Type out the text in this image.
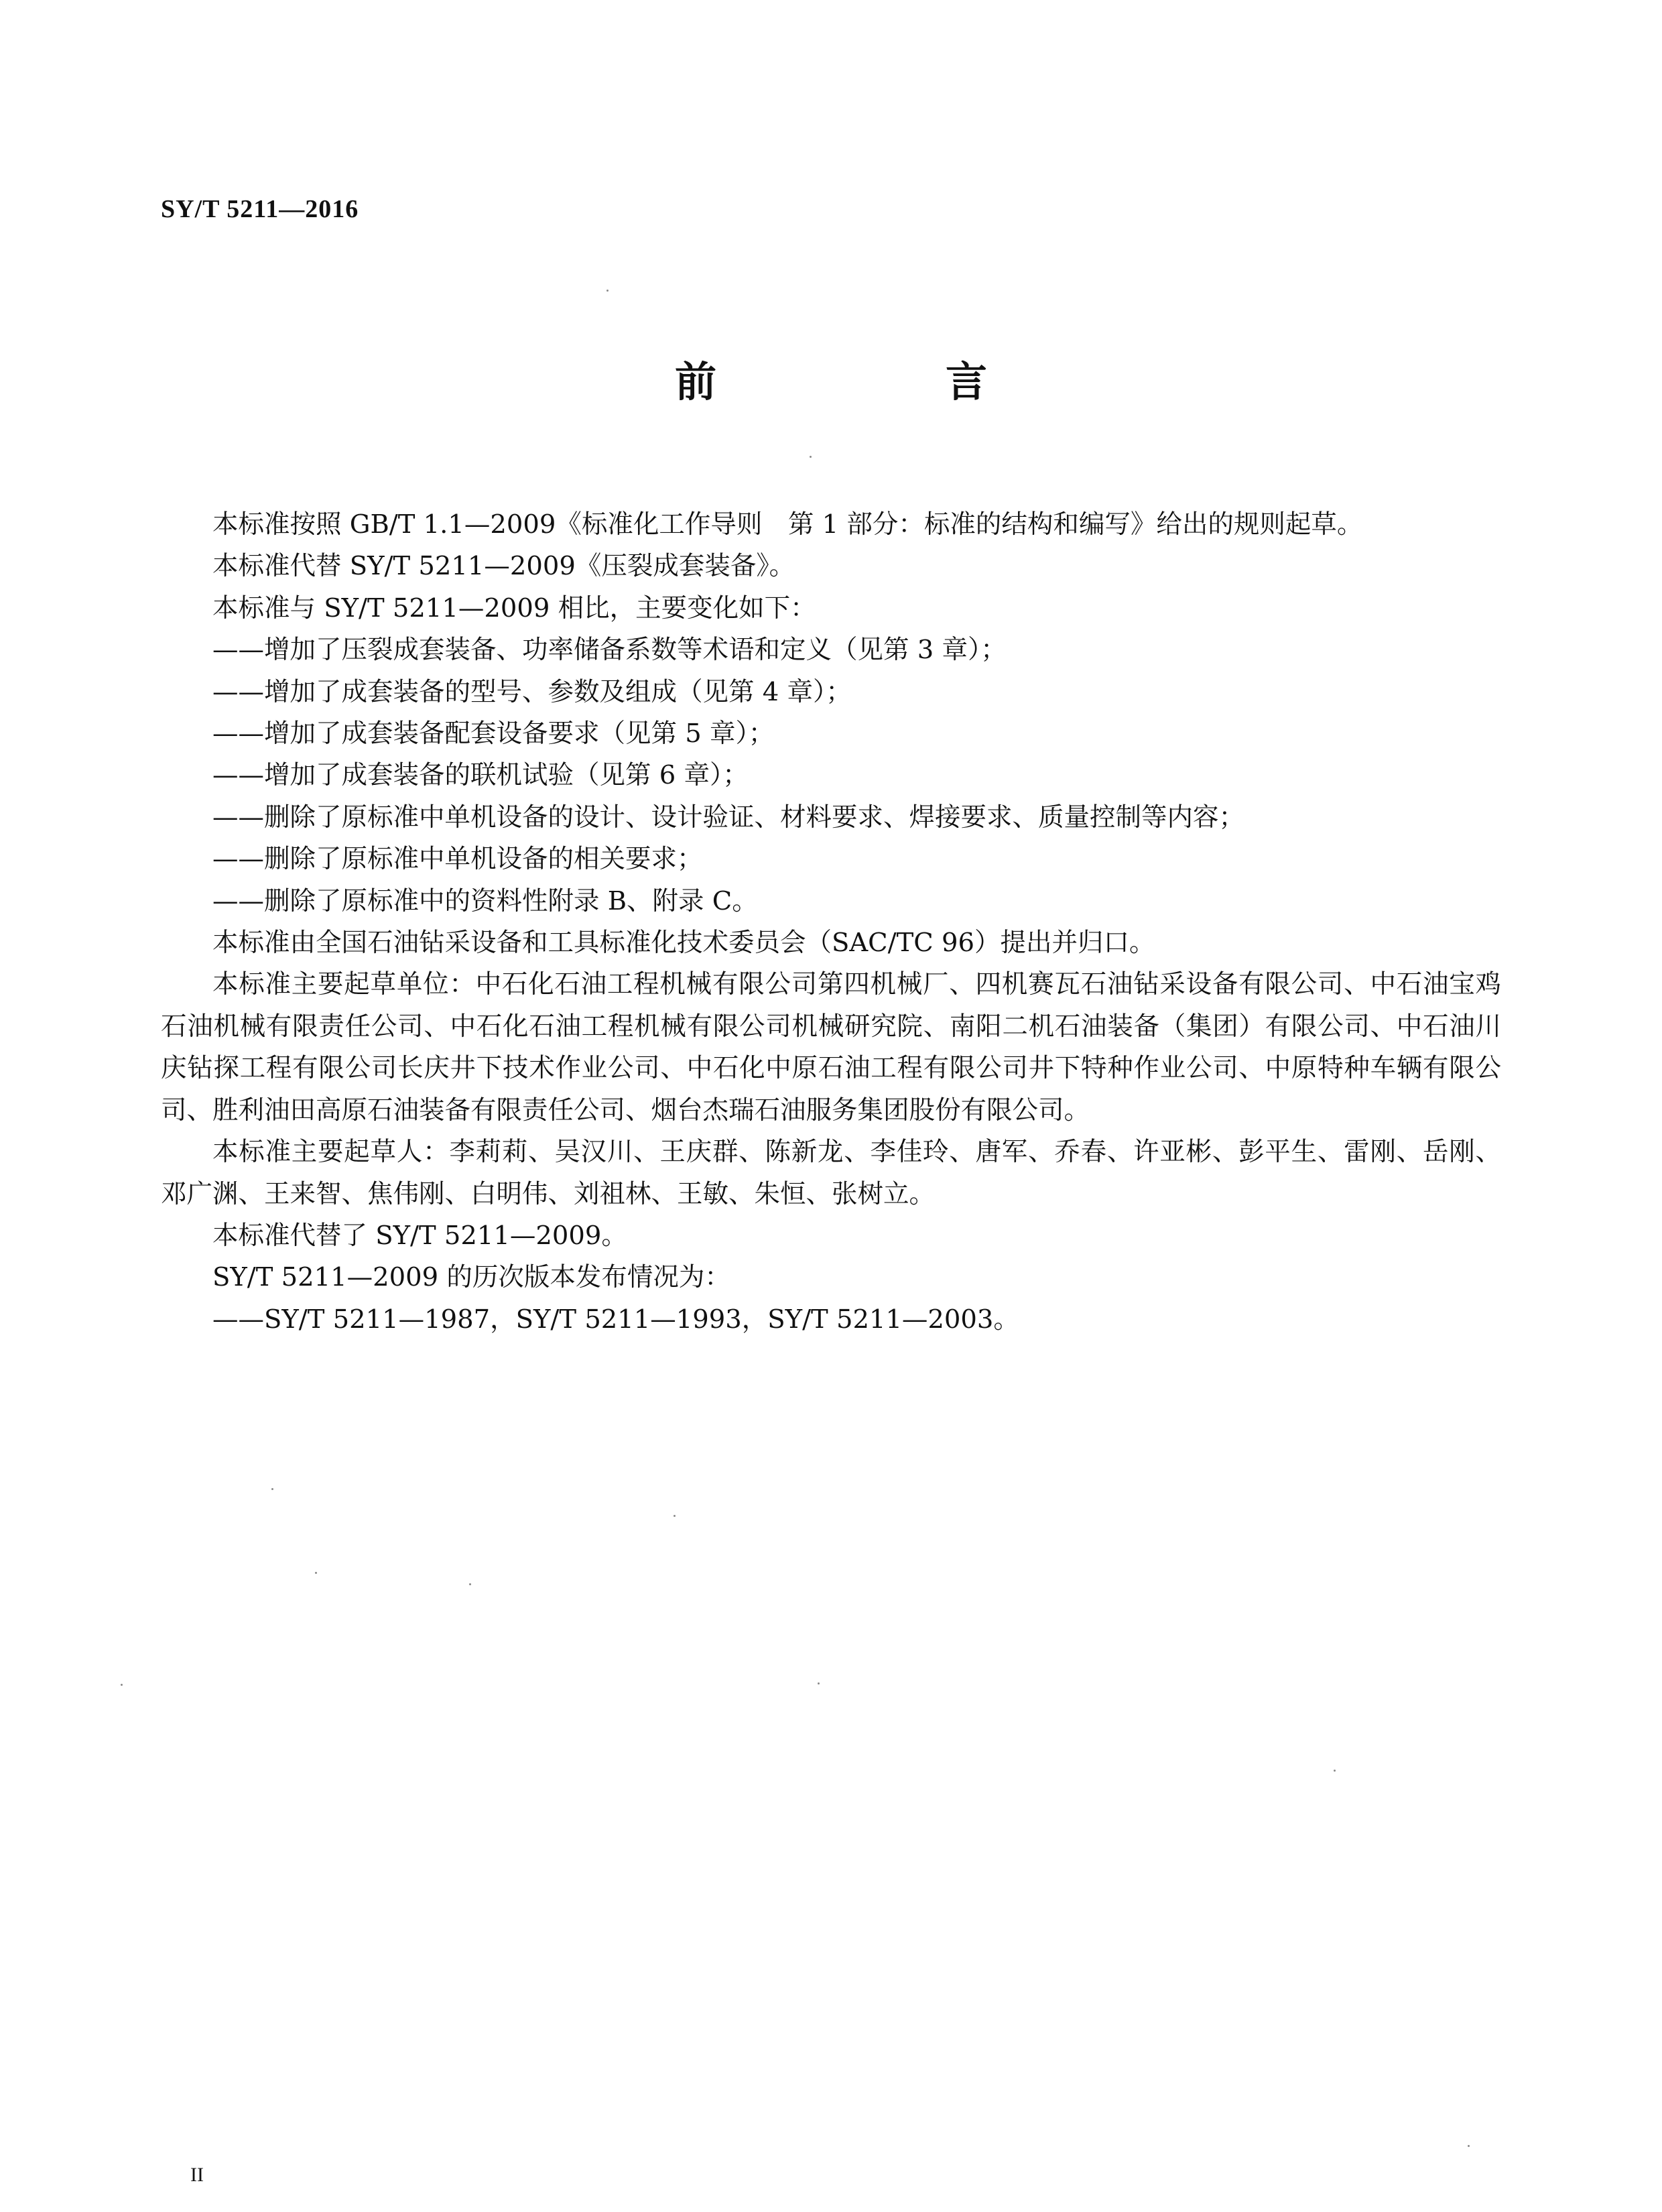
SY/T 5211—2016
前　言

本标准按照 GB/T 1.1—2009《标准化工作导则　第 1 部分：标准的结构和编写》给出的规则起草。

本标准代替 SY/T 5211—2009《压裂成套装备》。

本标准与 SY/T 5211—2009 相比，主要变化如下：

——增加了压裂成套装备、功率储备系数等术语和定义（见第 3 章）；

——增加了成套装备的型号、参数及组成（见第 4 章）；

——增加了成套装备配套设备要求（见第 5 章）；

——增加了成套装备的联机试验（见第 6 章）；

——删除了原标准中单机设备的设计、设计验证、材料要求、焊接要求、质量控制等内容；

——删除了原标准中单机设备的相关要求；

——删除了原标准中的资料性附录 B、附录 C。

本标准由全国石油钻采设备和工具标准化技术委员会（SAC/TC 96）提出并归口。

本标准主要起草单位：中石化石油工程机械有限公司第四机械厂、四机赛瓦石油钻采设备有限公司、中石油宝鸡石油机械有限责任公司、中石化石油工程机械有限公司机械研究院、南阳二机石油装备（集团）有限公司、中石油川庆钻探工程有限公司长庆井下技术作业公司、中石化中原石油工程有限公司井下特种作业公司、中原特种车辆有限公司、胜利油田高原石油装备有限责任公司、烟台杰瑞石油服务集团股份有限公司。

本标准主要起草人：李莉莉、吴汉川、王庆群、陈新龙、李佳玲、唐军、乔春、许亚彬、彭平生、雷刚、岳刚、邓广渊、王来智、焦伟刚、白明伟、刘祖林、王敏、朱恒、张树立。

本标准代替了 SY/T 5211—2009。

SY/T 5211—2009 的历次版本发布情况为：

——SY/T 5211—1987，SY/T 5211—1993，SY/T 5211—2003。

II
